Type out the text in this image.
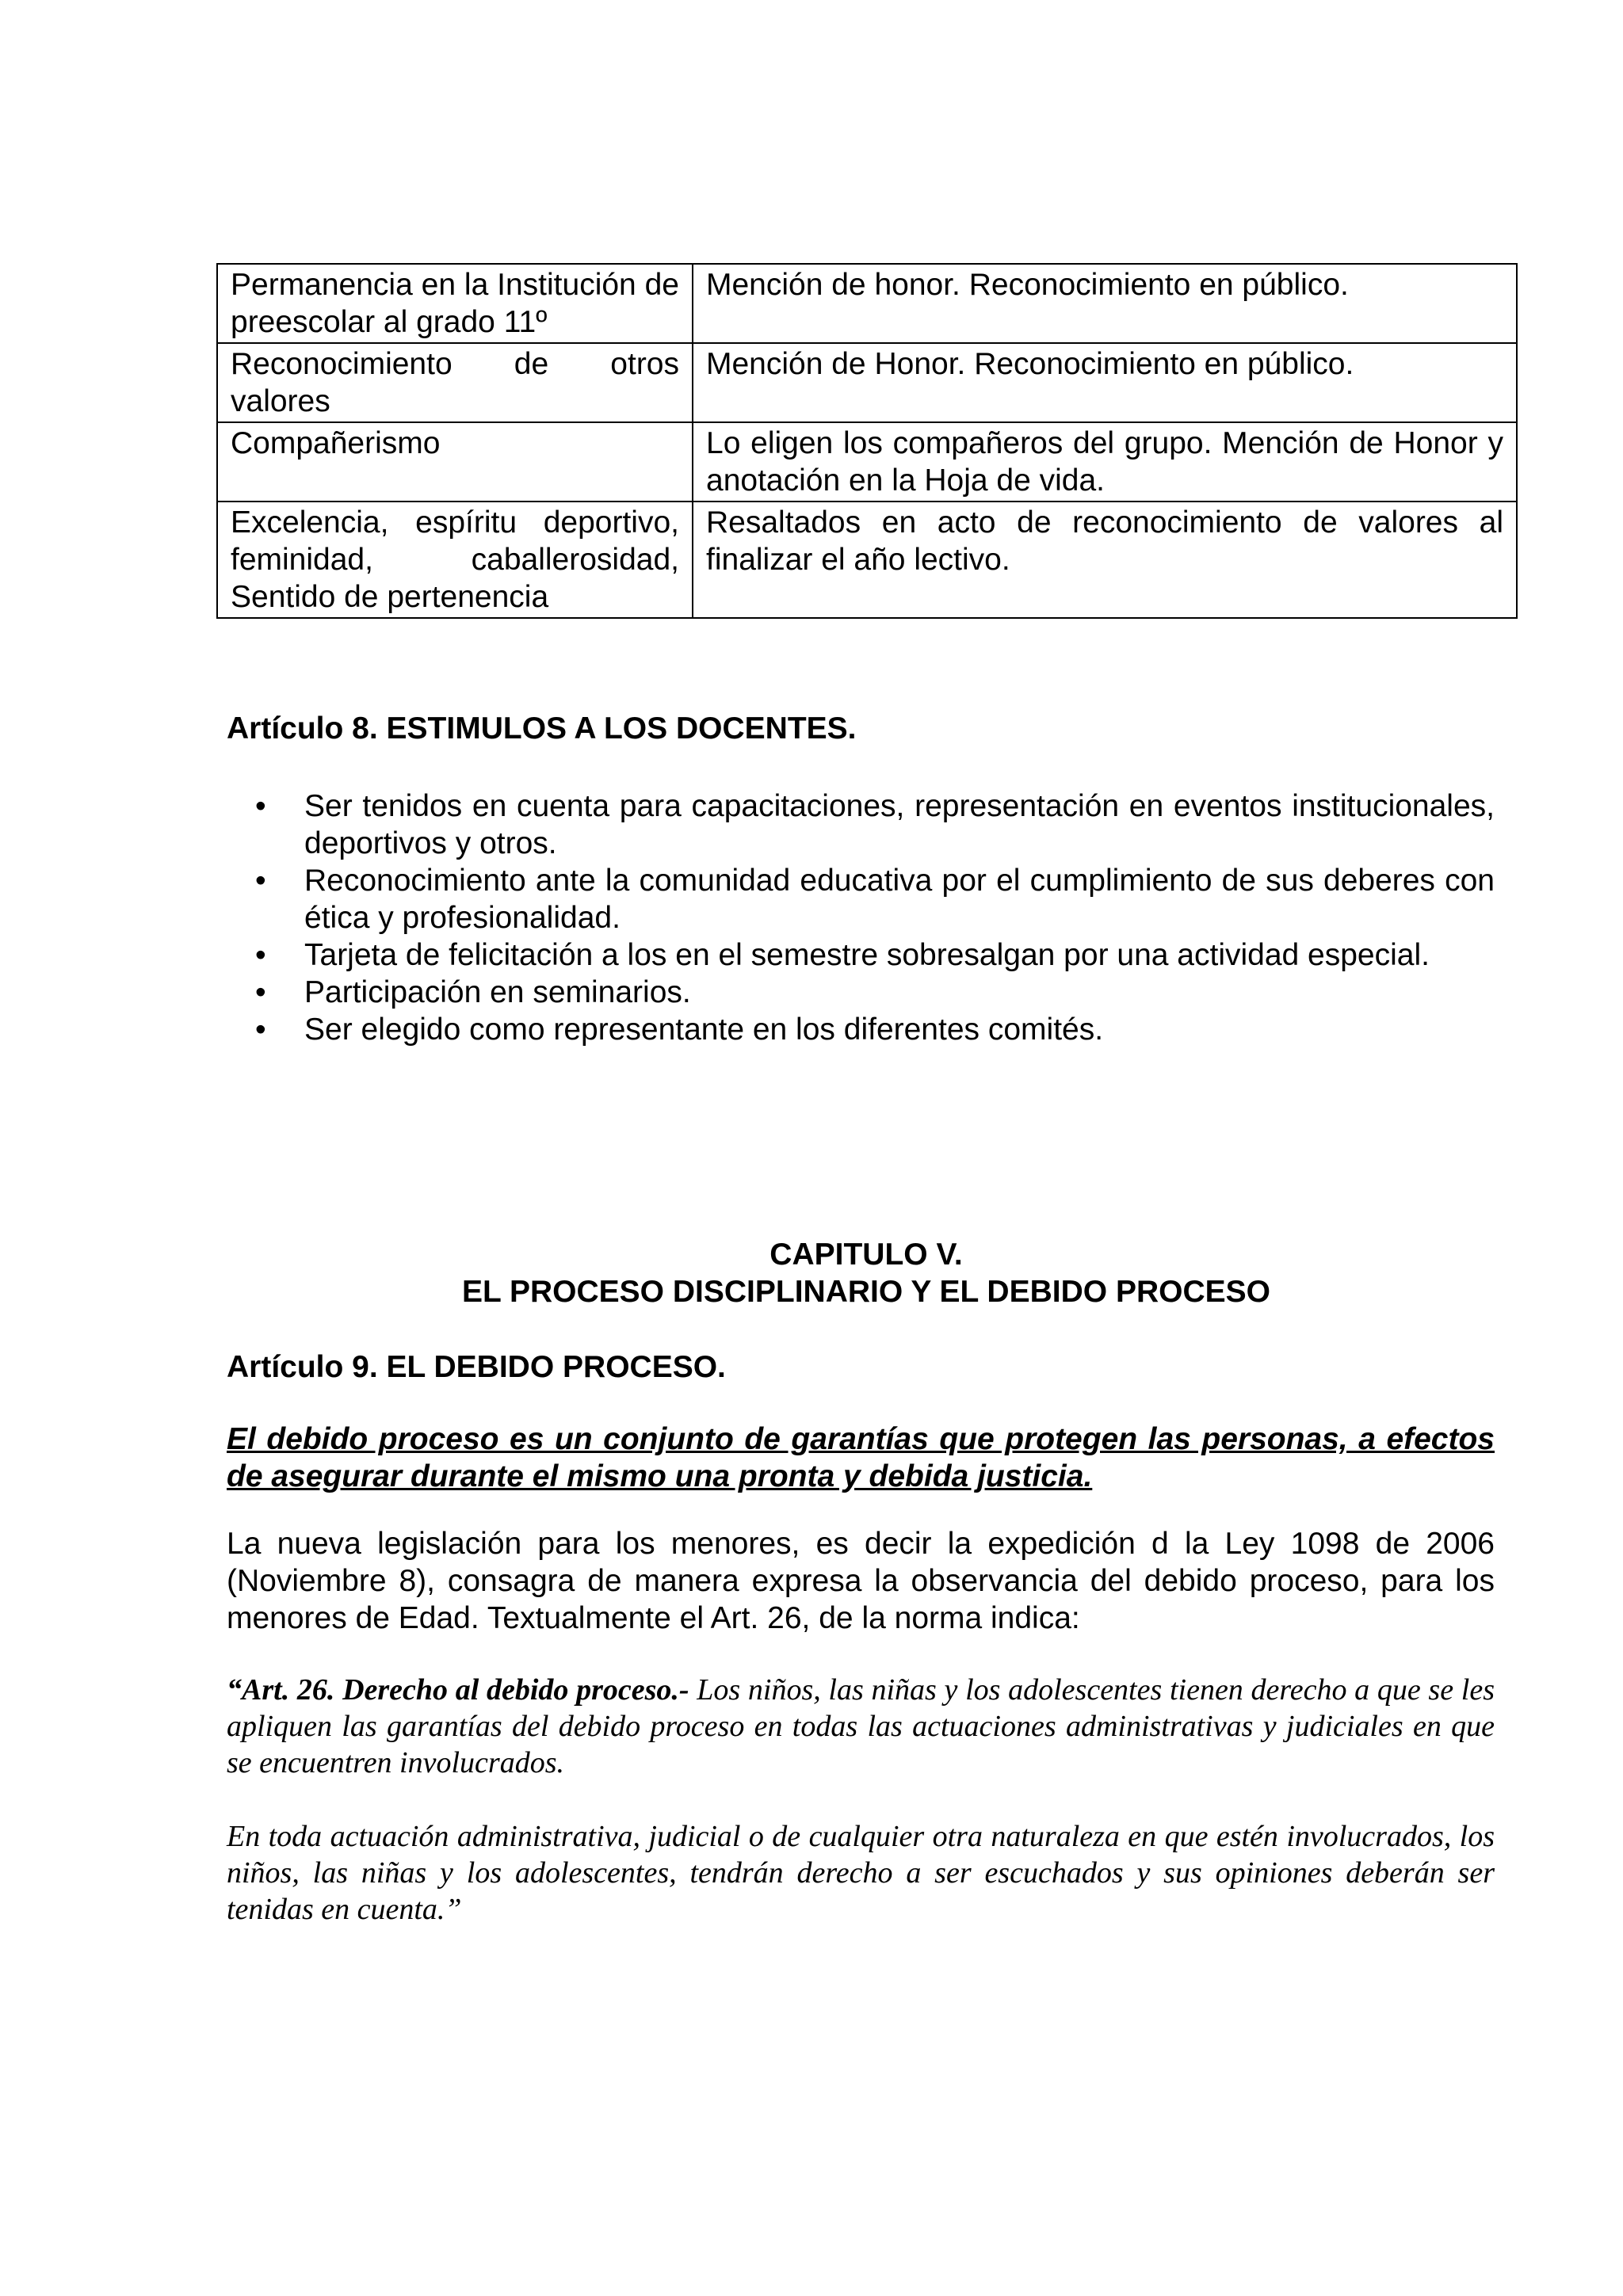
Permanencia en la Institución de preescolar al grado 11º	Mención de honor. Reconocimiento en público.
Reconocimiento de otros valores	Mención de Honor. Reconocimiento en público.
Compañerismo	Lo eligen los compañeros del grupo. Mención de Honor y anotación en la Hoja de vida.
Excelencia, espíritu deportivo, feminidad, caballerosidad, Sentido de pertenencia	Resaltados en acto de reconocimiento de valores al finalizar el año lectivo.
Artículo 8. ESTIMULOS A LOS DOCENTES.
• Ser tenidos en cuenta para capacitaciones, representación en eventos institucionales, deportivos y otros.
• Reconocimiento ante la comunidad educativa por el cumplimiento de sus deberes con ética y profesionalidad.
• Tarjeta de felicitación a los en el semestre sobresalgan por una actividad especial.
• Participación en seminarios.
• Ser elegido como representante en los diferentes comités.
CAPITULO V.
EL PROCESO DISCIPLINARIO Y EL DEBIDO PROCESO
Artículo 9. EL DEBIDO PROCESO.

El debido proceso es un conjunto de garantías que protegen las personas, a efectos de asegurar durante el mismo una pronta y debida justicia.

La nueva legislación para los menores, es decir la expedición d la Ley 1098 de 2006 (Noviembre 8), consagra de manera expresa la observancia del debido proceso, para los menores de Edad. Textualmente el Art. 26, de la norma indica:

“Art. 26. Derecho al debido proceso.- Los niños, las niñas y los adolescentes tienen derecho a que se les apliquen las garantías del debido proceso en todas las actuaciones administrativas y judiciales en que se encuentren involucrados.

En toda actuación administrativa, judicial o de cualquier otra naturaleza en que estén involucrados, los niños, las niñas y los adolescentes, tendrán derecho a ser escuchados y sus opiniones deberán ser tenidas en cuenta.”
